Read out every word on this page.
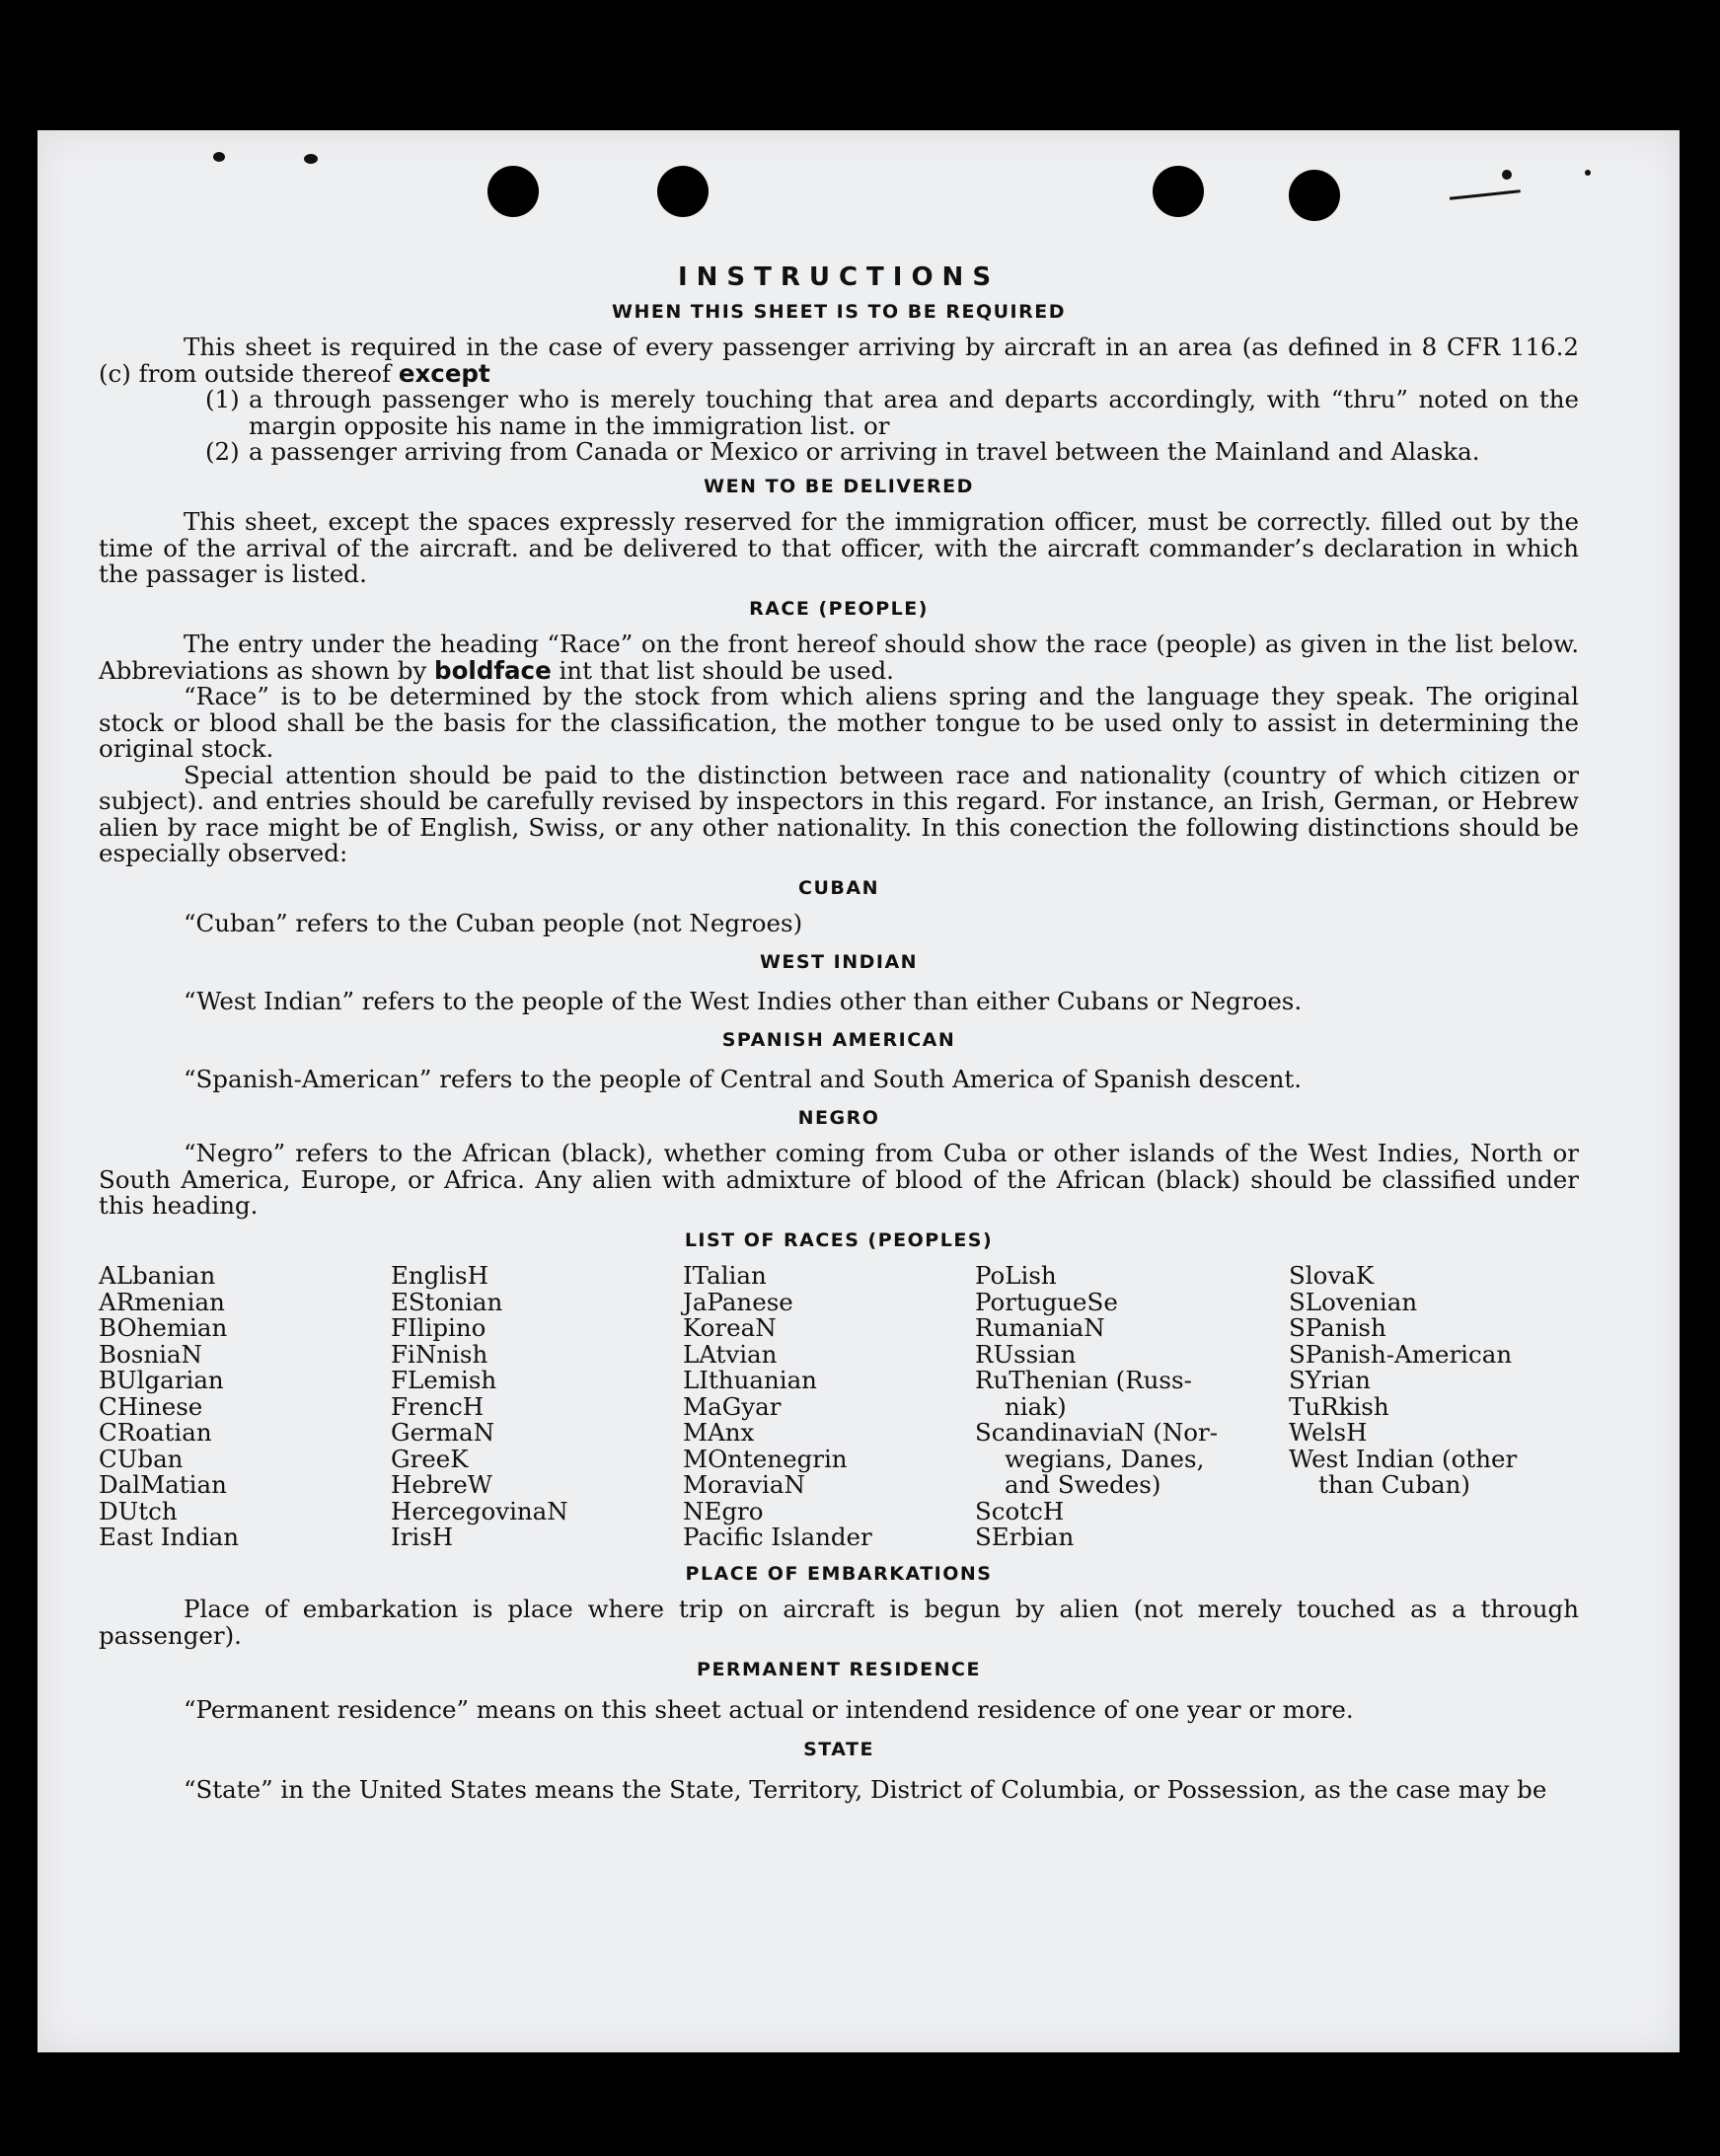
INSTRUCTIONS
WHEN THIS SHEET IS TO BE REQUIRED

This sheet is required in the case of every passenger arriving by aircraft in an area (as defined in 8 CFR 116.2 (c) from outside thereof except

(1) a through passenger who is merely touching that area and departs accordingly, with “thru” noted on the margin opposite his name in the immigration list. or
(2) a passenger arriving from Canada or Mexico or arriving in travel between the Mainland and Alaska.
WEN TO BE DELIVERED

This sheet, except the spaces expressly reserved for the immigration officer, must be correctly. filled out by the time of the arrival of the aircraft. and be delivered to that officer, with the aircraft commander’s declaration in which the passager is listed.

RACE (PEOPLE)

The entry under the heading “Race” on the front hereof should show the race (people) as given in the list below. Abbreviations as shown by boldface int that list should be used.

“Race” is to be determined by the stock from which aliens spring and the language they speak. The original stock or blood shall be the basis for the classification, the mother tongue to be used only to assist in determining the original stock.

Special attention should be paid to the distinction between race and nationality (country of which citizen or subject). and entries should be carefully revised by inspectors in this regard. For instance, an Irish, German, or Hebrew alien by race might be of English, Swiss, or any other nationality. In this conection the following distinctions should be especially observed:

CUBAN

“Cuban” refers to the Cuban people (not Negroes)

WEST INDIAN

“West Indian” refers to the people of the West Indies other than either Cubans or Negroes.

SPANISH AMERICAN

“Spanish-American” refers to the people of Central and South America of Spanish descent.

NEGRO

“Negro” refers to the African (black), whether coming from Cuba or other islands of the West Indies, North or South America, Europe, or Africa. Any alien with admixture of blood of the African (black) should be classified under this heading.

LIST OF RACES (PEOPLES)
ALbanian
ARmenian
BOhemian
BosniaN
BUlgarian
CHinese
CRoatian
CUban
DalMatian
DUtch
East Indian
EnglisH
EStonian
FIlipino
FiNnish
FLemish
FrencH
GermaN
GreeK
HebreW
HercegovinaN
IrisH
ITalian
JaPanese
KoreaN
LAtvian
LIthuanian
MaGyar
MAnx
MOntenegrin
MoraviaN
NEgro
Pacific Islander
PoLish
PortugueSe
RumaniaN
RUssian
RuThenian (Russ-
niak)
ScandinaviaN (Nor-
wegians, Danes,
and Swedes)
ScotcH
SErbian
SlovaK
SLovenian
SPanish
SPanish-American
SYrian
TuRkish
WelsH
West Indian (other
than Cuban)
PLACE OF EMBARKATIONS

Place of embarkation is place where trip on aircraft is begun by alien (not merely touched as a through passenger).

PERMANENT RESIDENCE

“Permanent residence” means on this sheet actual or intendend residence of one year or more.

STATE

“State” in the United States means the State, Territory, District of Columbia, or Possession, as the case may be
